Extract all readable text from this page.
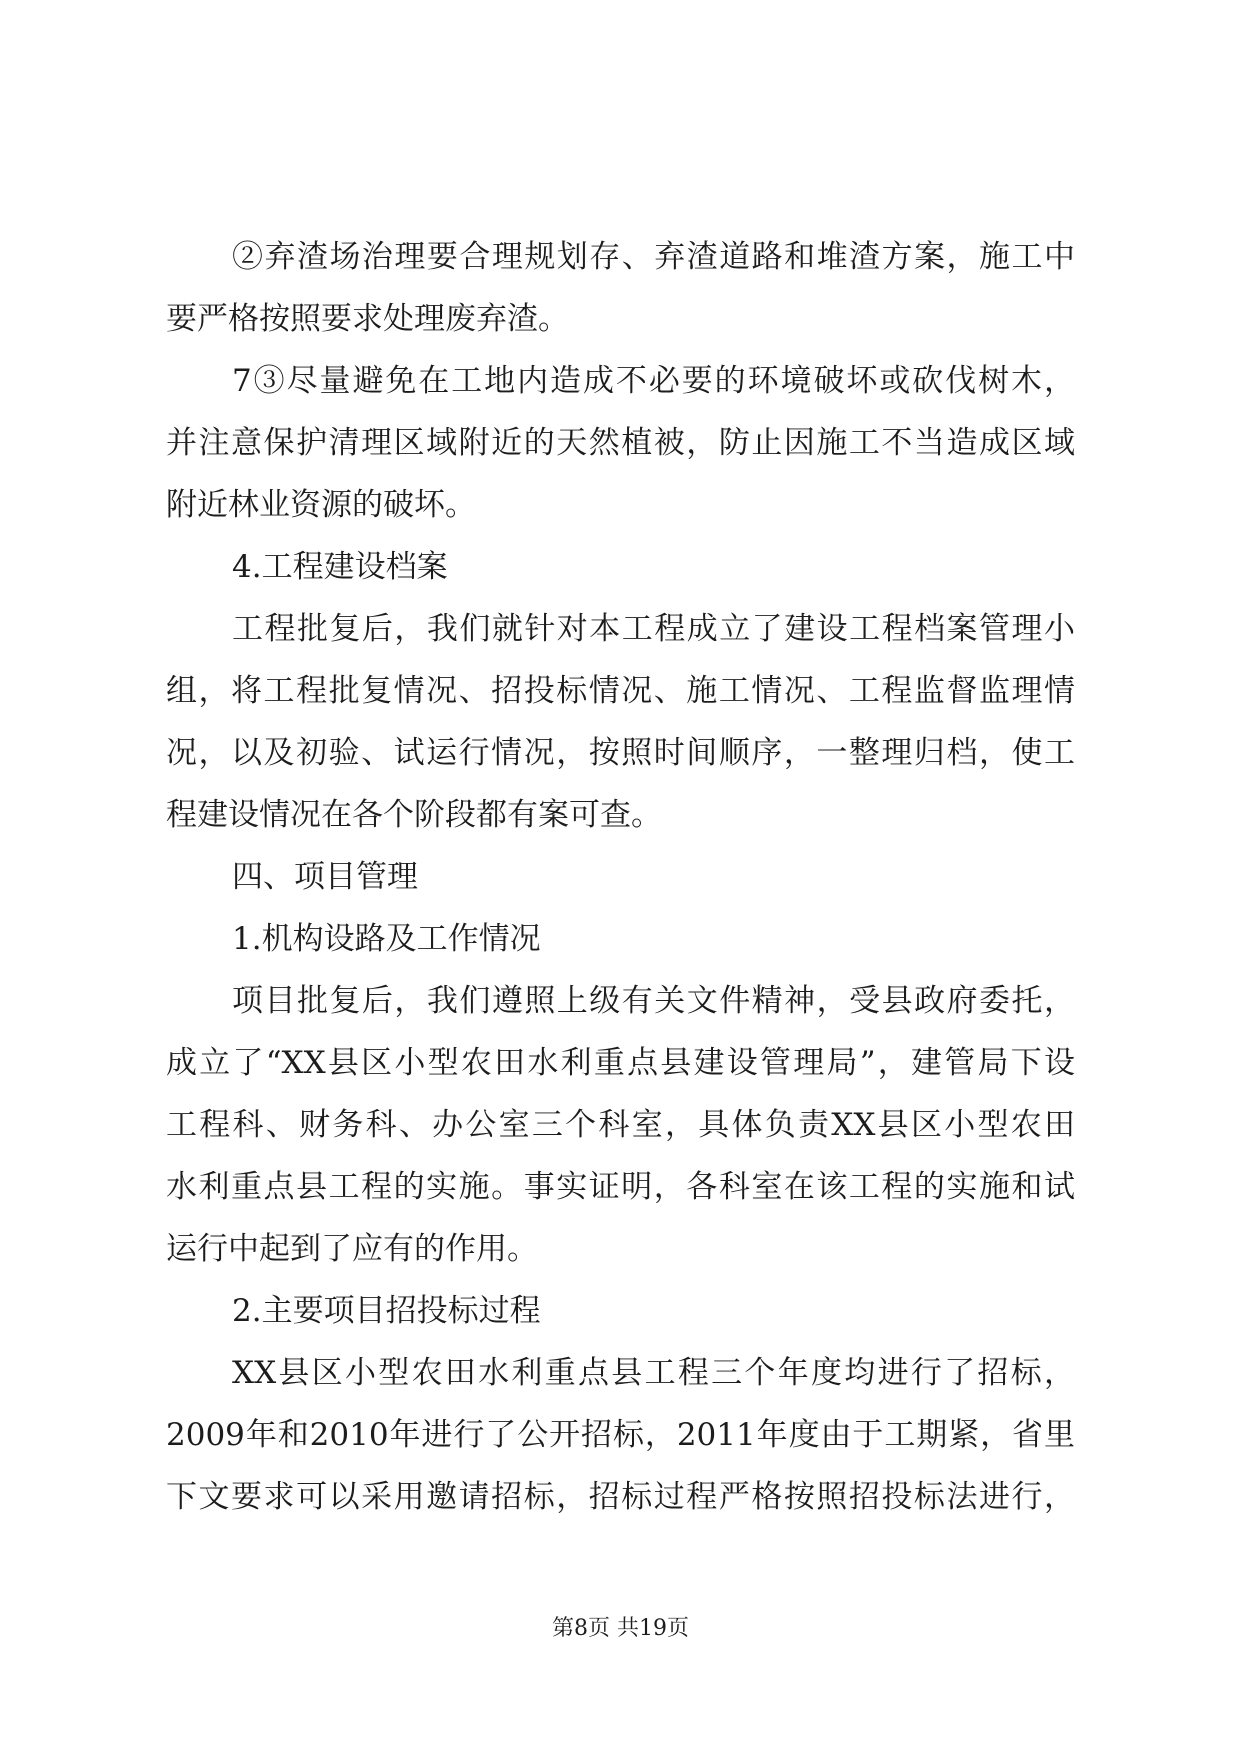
②弃渣场治理要合理规划存、弃渣道路和堆渣方案，施工中
要严格按照要求处理废弃渣。
7③尽量避免在工地内造成不必要的环境破坏或砍伐树木，
并注意保护清理区域附近的天然植被，防止因施工不当造成区域
附近林业资源的破坏。
4.工程建设档案
工程批复后，我们就针对本工程成立了建设工程档案管理小
组，将工程批复情况、招投标情况、施工情况、工程监督监理情
况，以及初验、试运行情况，按照时间顺序，一整理归档，使工
程建设情况在各个阶段都有案可查。
四、项目管理
1.机构设路及工作情况
项目批复后，我们遵照上级有关文件精神，受县政府委托，
成立了“XX县区小型农田水利重点县建设管理局”，建管局下设
工程科、财务科、办公室三个科室，具体负责XX县区小型农田
水利重点县工程的实施。事实证明，各科室在该工程的实施和试
运行中起到了应有的作用。
2.主要项目招投标过程
XX县区小型农田水利重点县工程三个年度均进行了招标，
2009年和2010年进行了公开招标，2011年度由于工期紧，省里
下文要求可以采用邀请招标，招标过程严格按照招投标法进行，
第8页 共19页
